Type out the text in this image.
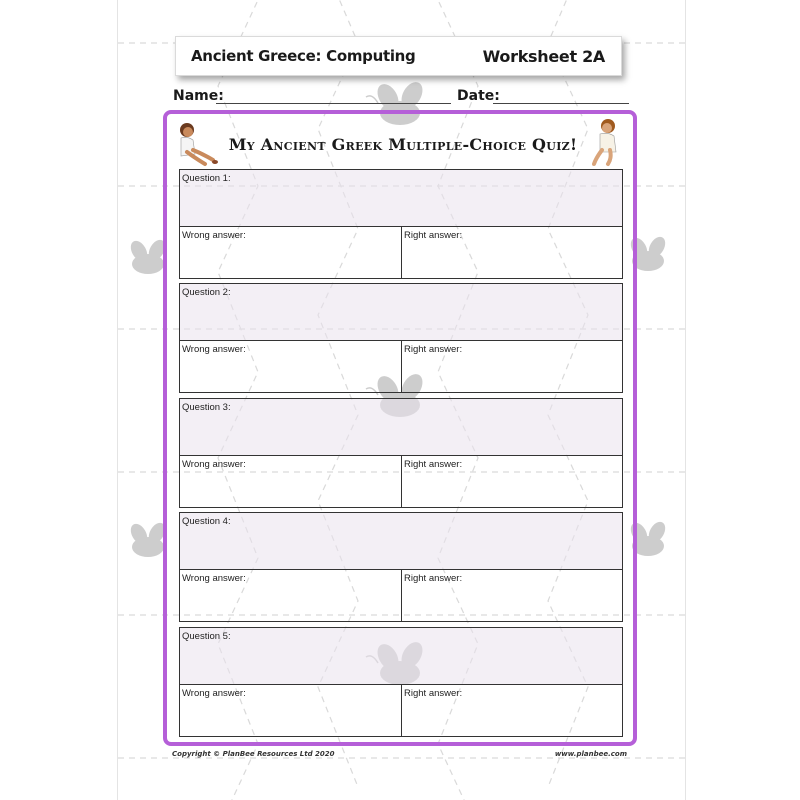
Ancient Greece: Computing	Worksheet 2A
Name:	Date:
My Ancient Greek Multiple-Choice Quiz!
Question 1:
Wrong answer:	Right answer:
Question 2:
Wrong answer:	Right answer:
Question 3:
Wrong answer:	Right answer:
Question 4:
Wrong answer:	Right answer:
Question 5:
Wrong answer:	Right answer:
Copyright © PlanBee Resources Ltd 2020	www.planbee.com
